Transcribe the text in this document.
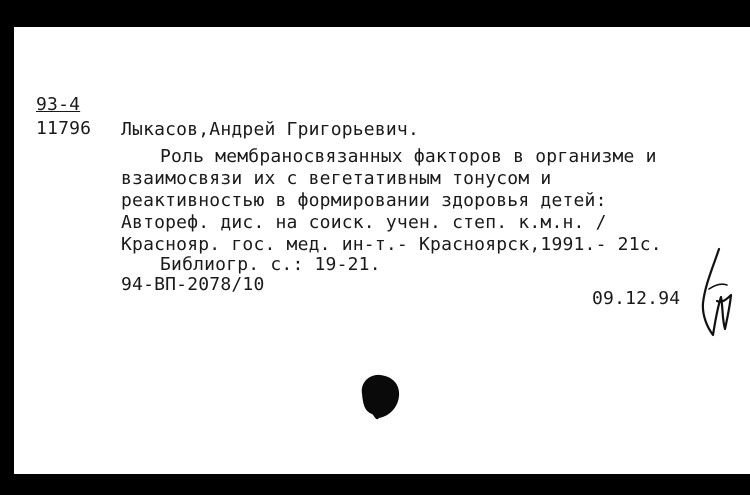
93-4
11796 Лыкасов,Андрей Григорьевич.
Роль мембраносвязанных факторов в организме и
взаимосвязи их с вегетативным тонусом и
реактивностью в формировании здоровья детей:
Автореф. дис. на соиск. учен. степ. к.м.н. /
Краснояр. гос. мед. ин-т.- Красноярск,1991.- 21с.
Библиогр. с.: 19-21.
94-ВП-2078/10
09.12.94
